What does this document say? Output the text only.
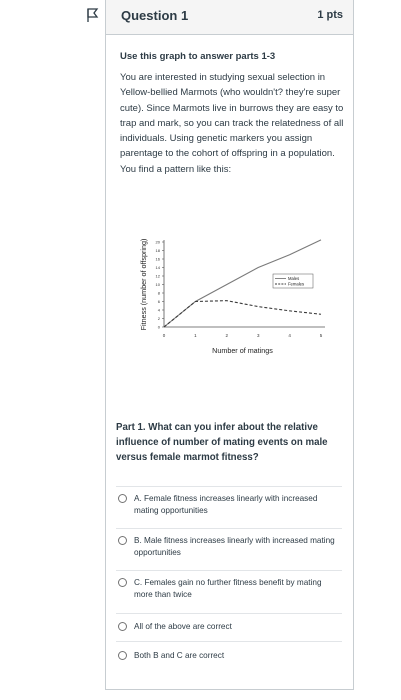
Question 1	1 pts
Use this graph to answer parts 1-3
You are interested in studying sexual selection in Yellow-bellied Marmots (who wouldn't? they're super cute). Since Marmots live in burrows they are easy to trap and mark, so you can track the relatedness of all individuals. Using genetic markers you assign parentage to the cohort of offspring in a population. You find a pattern like this:
0
2
4
6
8
10
12
14
16
18
20
0	1	2	3	4	5
Number of matings
Fitness (number of offspring)	Males
Females
Part 1. What can you infer about the relative influence of number of mating events on male versus female marmot fitness?
A. Female fitness increases linearly with increased mating opportunities
B. Male fitness increases linearly with increased mating opportunities
C. Females gain no further fitness benefit by mating more than twice
All of the above are correct
Both B and C are correct
